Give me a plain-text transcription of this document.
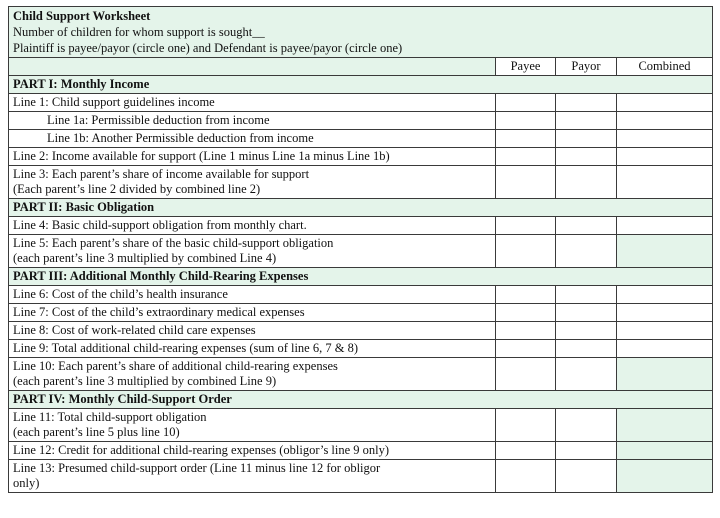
Child Support Worksheet
Number of children for whom support is sought__
Plaintiff is payee/payor (circle one) and Defendant is payee/payor (circle one)			

	Payee	Payor	Combined
PART I: Monthly Income			
Line 1: Child support guidelines income			
Line 1a: Permissible deduction from income			
Line 1b: Another Permissible deduction from income			
Line 2: Income available for support (Line 1 minus Line 1a minus Line 1b)			

Line 3: Each parent’s share of income available for support
(Each parent’s line 2 divided by combined line 2)			

PART II: Basic Obligation			
Line 4: Basic child-support obligation from monthly chart.			

Line 5: Each parent’s share of the basic child-support obligation
(each parent’s line 3 multiplied by combined Line 4)			

PART III: Additional Monthly Child-Rearing Expenses			
Line 6: Cost of the child’s health insurance			
Line 7: Cost of the child’s extraordinary medical expenses			
Line 8: Cost of work-related child care expenses			
Line 9: Total additional child-rearing expenses (sum of line 6, 7 & 8)			

Line 10: Each parent’s share of additional child-rearing expenses
(each parent’s line 3 multiplied by combined Line 9)			

PART IV: Monthly Child-Support Order			

Line 11: Total child-support obligation
(each parent’s line 5 plus line 10)			

Line 12: Credit for additional child-rearing expenses (obligor’s line 9 only)			

Line 13: Presumed child-support order (Line 11 minus line 12 for obligor
only)			
